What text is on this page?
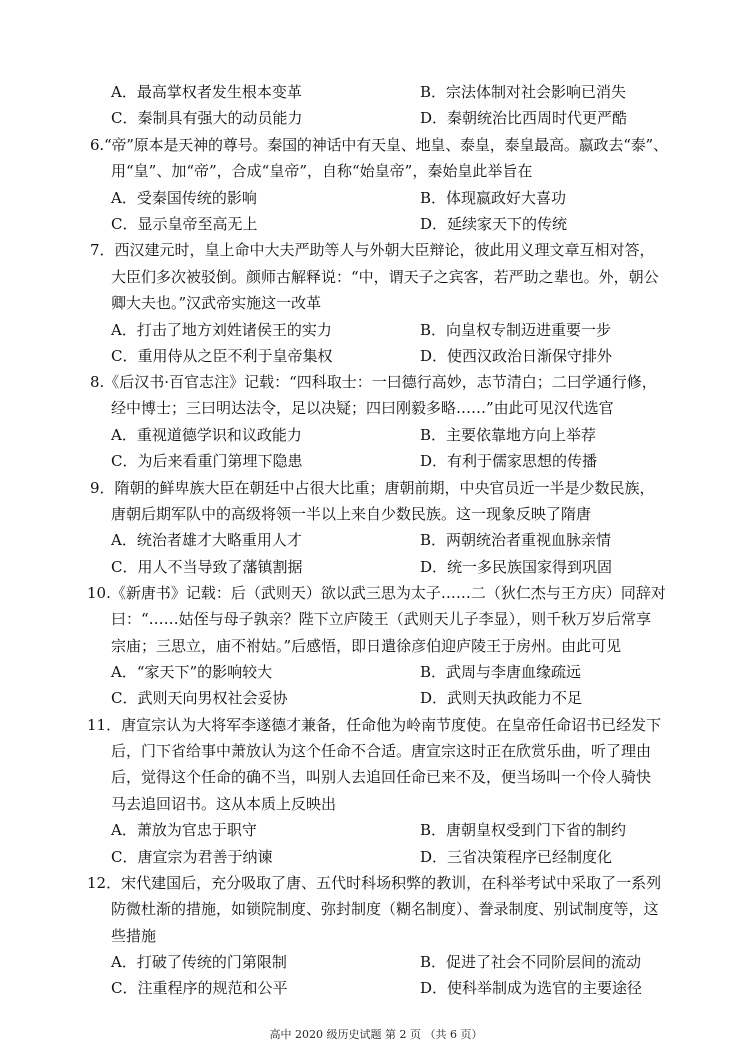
A．最高掌权者发生根本变革	B．宗法体制对社会影响已消失
C．秦制具有强大的动员能力	D．秦朝统治比西周时代更严酷
6.“帝”原本是天神的尊号。秦国的神话中有天皇、地皇、泰皇，泰皇最高。嬴政去“泰”、
用“皇”、加“帝”，合成“皇帝”，自称“始皇帝”，秦始皇此举旨在
A．受秦国传统的影响	B．体现嬴政好大喜功
C．显示皇帝至高无上	D．延续家天下的传统
7．西汉建元时，皇上命中大夫严助等人与外朝大臣辩论，彼此用义理文章互相对答，
大臣们多次被驳倒。颜师古解释说：“中，谓天子之宾客，若严助之辈也。外，朝公
卿大夫也。”汉武帝实施这一改革
A．打击了地方刘姓诸侯王的实力	B．向皇权专制迈进重要一步
C．重用侍从之臣不利于皇帝集权	D．使西汉政治日渐保守排外
8.《后汉书·百官志注》记载：“四科取士：一曰德行高妙，志节清白；二曰学通行修，
经中博士；三曰明达法令，足以决疑；四曰刚毅多略……”由此可见汉代选官
A．重视道德学识和议政能力	B．主要依靠地方向上举荐
C．为后来看重门第埋下隐患	D．有利于儒家思想的传播
9．隋朝的鲜卑族大臣在朝廷中占很大比重；唐朝前期，中央官员近一半是少数民族，
唐朝后期军队中的高级将领一半以上来自少数民族。这一现象反映了隋唐
A．统治者雄才大略重用人才	B．两朝统治者重视血脉亲情
C．用人不当导致了藩镇割据	D．统一多民族国家得到巩固
10.《新唐书》记载：后（武则天）欲以武三思为太子……二（狄仁杰与王方庆）同辞对
曰：“……姑侄与母子孰亲？陛下立庐陵王（武则天儿子李显），则千秋万岁后常享
宗庙；三思立，庙不祔姑。”后感悟，即日遣徐彦伯迎庐陵王于房州。由此可见
A．“家天下”的影响较大	B．武周与李唐血缘疏远
C．武则天向男权社会妥协	D．武则天执政能力不足
11．唐宣宗认为大将军李遂德才兼备，任命他为岭南节度使。在皇帝任命诏书已经发下
后，门下省给事中萧放认为这个任命不合适。唐宣宗这时正在欣赏乐曲，听了理由
后，觉得这个任命的确不当，叫别人去追回任命已来不及，便当场叫一个伶人骑快
马去追回诏书。这从本质上反映出
A．萧放为官忠于职守	B．唐朝皇权受到门下省的制约
C．唐宣宗为君善于纳谏	D．三省决策程序已经制度化
12．宋代建国后，充分吸取了唐、五代时科场积弊的教训，在科举考试中采取了一系列
防微杜渐的措施，如锁院制度、弥封制度（糊名制度）、誊录制度、别试制度等，这
些措施
A．打破了传统的门第限制	B．促进了社会不同阶层间的流动
C．注重程序的规范和公平	D．使科举制成为选官的主要途径
高中 2020 级历史试题 第 2 页 （共 6 页）
